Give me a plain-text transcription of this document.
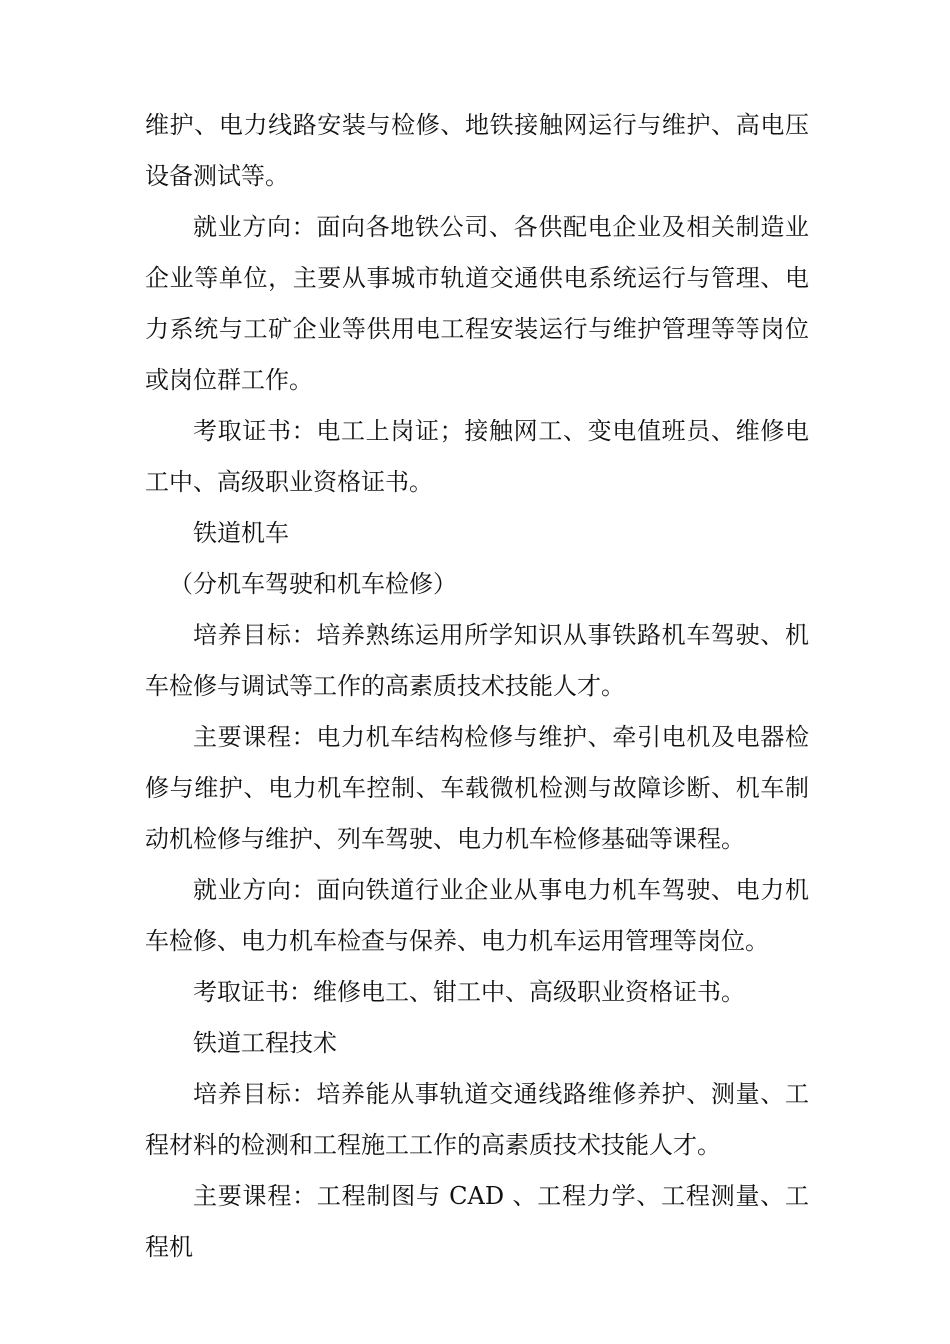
维护、电力线路安装与检修、地铁接触网运行与维护、高电压设备测试等。

就业方向：面向各地铁公司、各供配电企业及相关制造业企业等单位，主要从事城市轨道交通供电系统运行与管理、电力系统与工矿企业等供用电工程安装运行与维护管理等等岗位或岗位群工作。

考取证书：电工上岗证；接触网工、变电值班员、维修电工中、高级职业资格证书。

铁道机车

（分机车驾驶和机车检修）

培养目标：培养熟练运用所学知识从事铁路机车驾驶、机车检修与调试等工作的高素质技术技能人才。

主要课程：电力机车结构检修与维护、牵引电机及电器检修与维护、电力机车控制、车载微机检测与故障诊断、机车制动机检修与维护、列车驾驶、电力机车检修基础等课程。

就业方向：面向铁道行业企业从事电力机车驾驶、电力机车检修、电力机车检查与保养、电力机车运用管理等岗位。

考取证书：维修电工、钳工中、高级职业资格证书。

铁道工程技术

培养目标：培养能从事轨道交通线路维修养护、测量、工程材料的检测和工程施工工作的高素质技术技能人才。

主要课程：工程制图与 CAD 、工程力学、工程测量、工程机
